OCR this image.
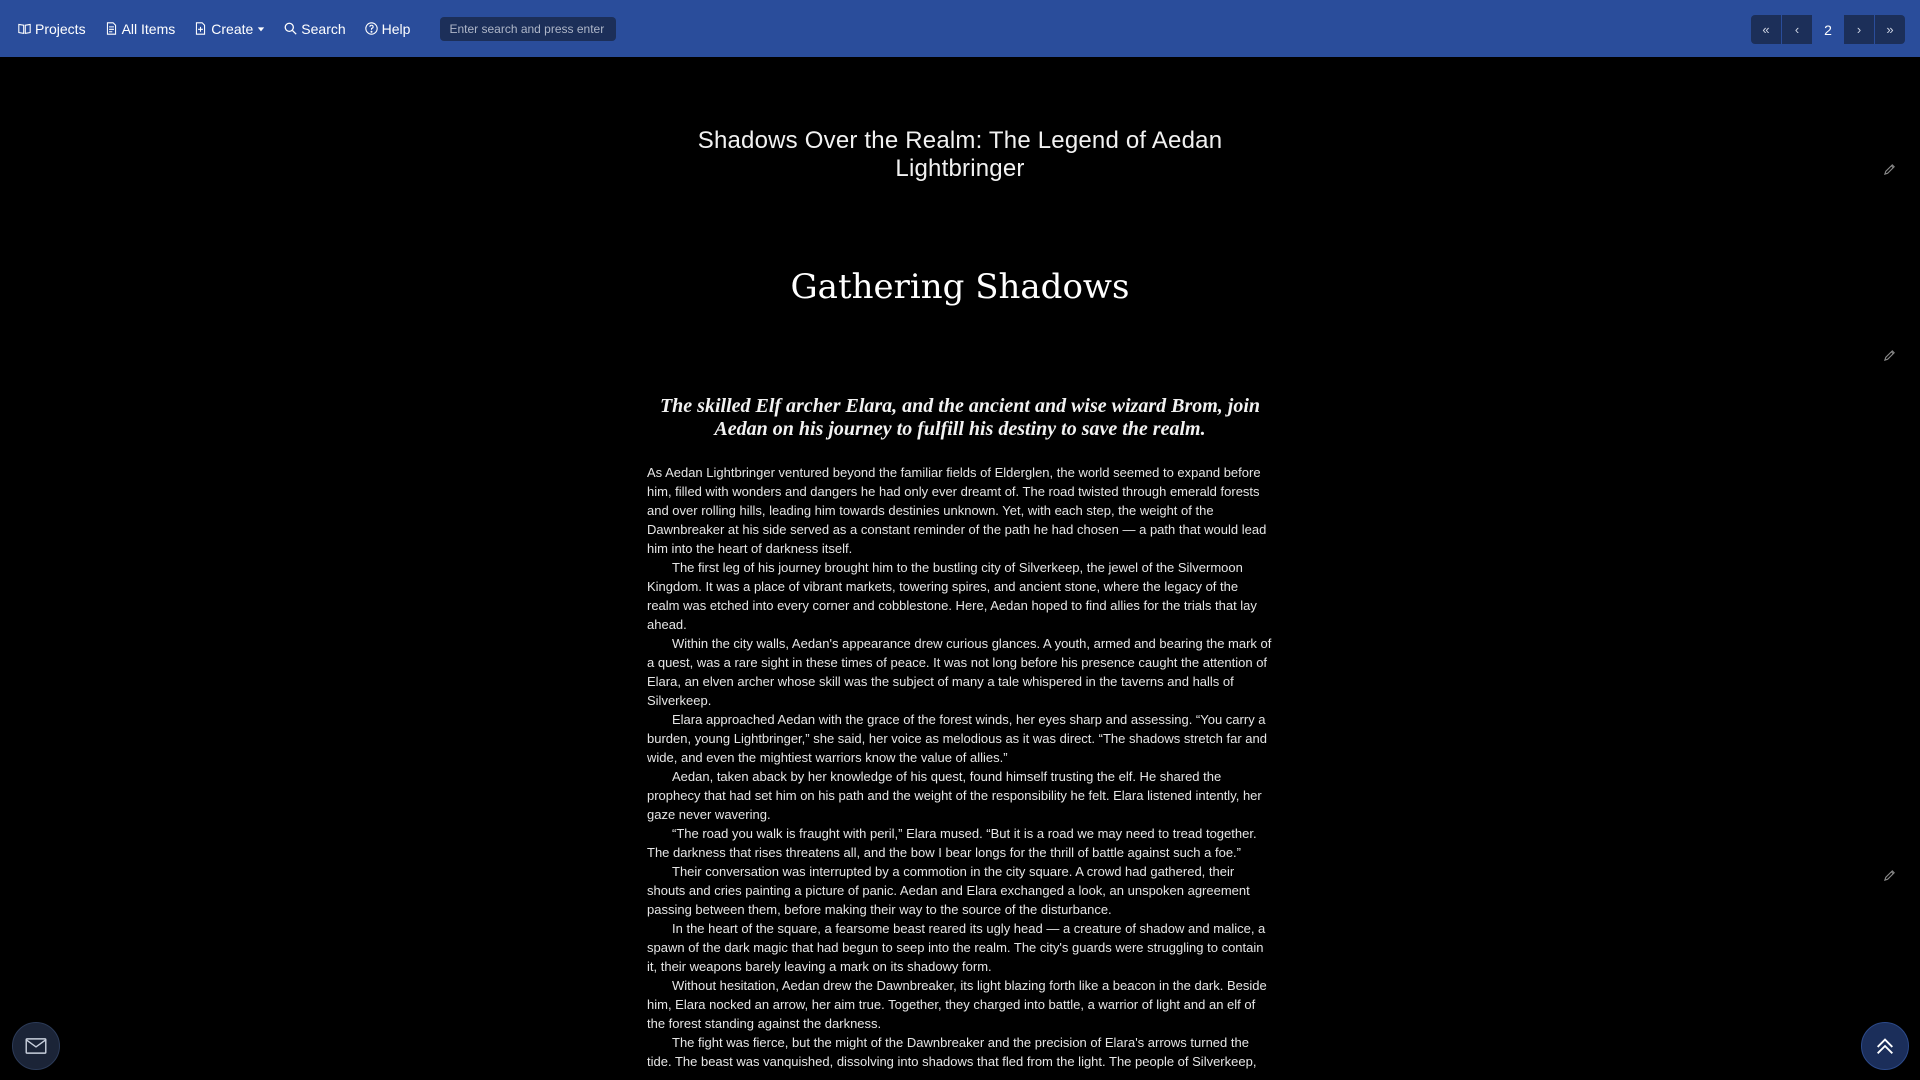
Projects	All Items	Create	Search	Help
Enter search and press enter	«	‹	2	›	»
Shadows Over the Realm: The Legend of Aedan Lightbringer
Gathering Shadows
The skilled Elf archer Elara, and the ancient and wise wizard Brom, join Aedan on his journey to fulfill his destiny to save the realm.

As Aedan Lightbringer ventured beyond the familiar fields of Elderglen, the world seemed to expand before him, filled with wonders and dangers he had only ever dreamt of. The road twisted through emerald forests and over rolling hills, leading him towards destinies unknown. Yet, with each step, the weight of the Dawnbreaker at his side served as a constant reminder of the path he had chosen — a path that would lead him into the heart of darkness itself.

The first leg of his journey brought him to the bustling city of Silverkeep, the jewel of the Silvermoon Kingdom. It was a place of vibrant markets, towering spires, and ancient stone, where the legacy of the realm was etched into every corner and cobblestone. Here, Aedan hoped to find allies for the trials that lay ahead.

Within the city walls, Aedan's appearance drew curious glances. A youth, armed and bearing the mark of a quest, was a rare sight in these times of peace. It was not long before his presence caught the attention of Elara, an elven archer whose skill was the subject of many a tale whispered in the taverns and halls of Silverkeep.

Elara approached Aedan with the grace of the forest winds, her eyes sharp and assessing. “You carry a burden, young Lightbringer,” she said, her voice as melodious as it was direct. “The shadows stretch far and wide, and even the mightiest warriors know the value of allies.”

Aedan, taken aback by her knowledge of his quest, found himself trusting the elf. He shared the prophecy that had set him on his path and the weight of the responsibility he felt. Elara listened intently, her gaze never wavering.

“The road you walk is fraught with peril,” Elara mused. “But it is a road we may need to tread together. The darkness that rises threatens all, and the bow I bear longs for the thrill of battle against such a foe.”

Their conversation was interrupted by a commotion in the city square. A crowd had gathered, their shouts and cries painting a picture of panic. Aedan and Elara exchanged a look, an unspoken agreement passing between them, before making their way to the source of the disturbance.

In the heart of the square, a fearsome beast reared its ugly head — a creature of shadow and malice, a spawn of the dark magic that had begun to seep into the realm. The city's guards were struggling to contain it, their weapons barely leaving a mark on its shadowy form.

Without hesitation, Aedan drew the Dawnbreaker, its light blazing forth like a beacon in the dark. Beside him, Elara nocked an arrow, her aim true. Together, they charged into battle, a warrior of light and an elf of the forest standing against the darkness.

The fight was fierce, but the might of the Dawnbreaker and the precision of Elara's arrows turned the tide. The beast was vanquished, dissolving into shadows that fled from the light. The people of Silverkeep,
